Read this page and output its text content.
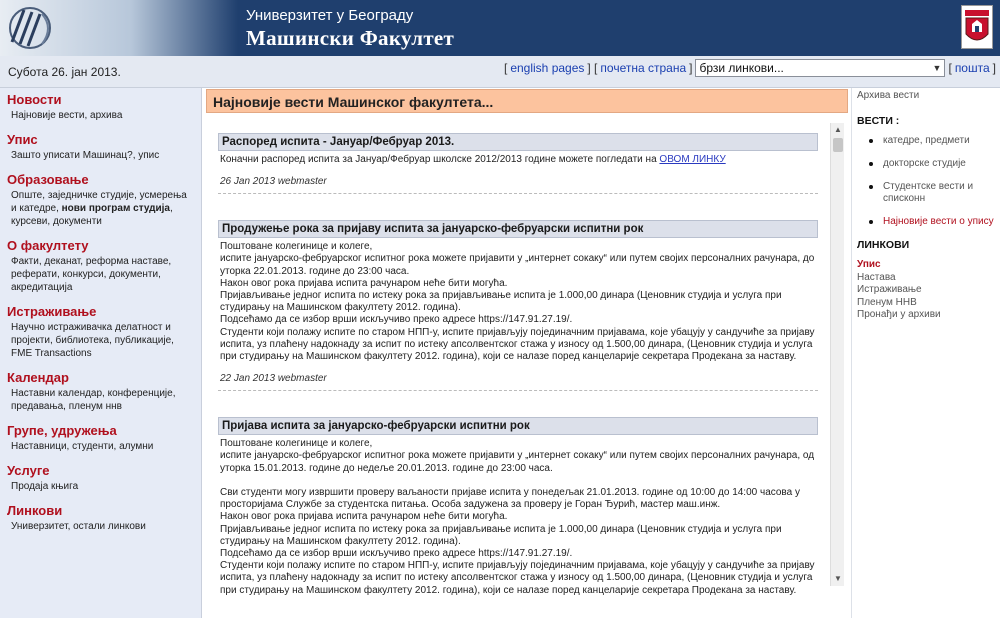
Универзитет у Београду
Машински Факултет
Субота 26. јан 2013.	[ english pages ] [ почетна страна ] брзи линкови...	▼ [ пошта ]
Новости
Најновије вести, архива
Упис
Зашто уписати Машинац?, упис
Образовање
Опште, заједничке студије, усмерења и катедре, нови програм студија, курсеви, документи
О факултету
Факти, деканат, реформа наставе, реферати, конкурси, документи, акредитација
Истраживање
Научно истраживачка делатност и пројекти, библиотека, публикације, FME Transactions
Календар
Наставни календар, конференције, предавања, пленум ннв
Групе, удружења
Наставници, студенти, алумни
Услуге
Продаја књига
Линкови
Универзитет, остали линкови
Најновије вести Машинског факултета...
Распоред испита - Јануар/Фебруар 2013.
Коначни распоред испита за Јануар/Фебруар школске 2012/2013 године можете погледати на ОВОМ ЛИНКУ
26 Jan 2013 webmaster
Продужење рока за пријаву испита за јануарско-фебруарски испитни рок
Поштоване колегинице и колеге,
испите јануарско-фебруарског испитног рока можете пријавити у „интернет сокаку“ или путем својих персоналних рачунара, до уторка 22.01.2013. године до 23:00 часа.
Након овог рока пријава испита рачунаром неће бити могућа.
Пријављивање једног испита по истеку рока за пријављивање испита је 1.000,00 динара (Ценовник студија и услуга при студирању на Машинском факултету 2012. година).
Подсећамо да се избор врши искључиво преко адресе https://147.91.27.19/.
Студенти који полажу испите по старом НПП-у, испите пријављују појединачним пријавама, које убацују у сандучиће за пријаву испита, уз плаћену надокнаду за испит по истеку апсолвентског стажа у износу од 1.500,00 динара, (Ценовник студија и услуга при студирању на Машинском факултету 2012. година), који се налазе поред канцеларије секретара Продекана за наставу.
22 Jan 2013 webmaster
Пријава испита за јануарско-фебруарски испитни рок
Поштоване колегинице и колеге,
испите јануарско-фебруарског испитног рока можете пријавити у „интернет сокаку“ или путем својих персоналних рачунара, од уторка 15.01.2013. године до недеље 20.01.2013. године до 23:00 часа.

Сви студенти могу извршити проверу ваљаности пријаве испита у понедељак 21.01.2013. године од 10:00 до 14:00 часова у просторијама Службе за студентска питања. Особа задужена за проверу је Горан Ђурић, мастер маш.инж.
Након овог рока пријава испита рачунаром неће бити могућа.
Пријављивање једног испита по истеку рока за пријављивање испита је 1.000,00 динара (Ценовник студија и услуга при студирању на Машинском факултету 2012. година).
Подсећамо да се избор врши искључиво преко адресе https://147.91.27.19/.
Студенти који полажу испите по старом НПП-у, испите пријављују појединачним пријавама, које убацују у сандучиће за пријаву испита, уз плаћену надокнаду за испит по истеку апсолвентског стажа у износу од 1.500,00 динара, (Ценовник студија и услуга при студирању на Машинском факултету 2012. година), који се налазе поред канцеларије секретара Продекана за наставу.
▲
▼
Архива вести
ВЕСТИ :
катедре, предмети
докторске студије
Студентске вести и списконн
Најновије вести о упису
ЛИНКОВИ
Упис
Настава
Истраживање
Пленум ННВ
Пронађи у архиви
